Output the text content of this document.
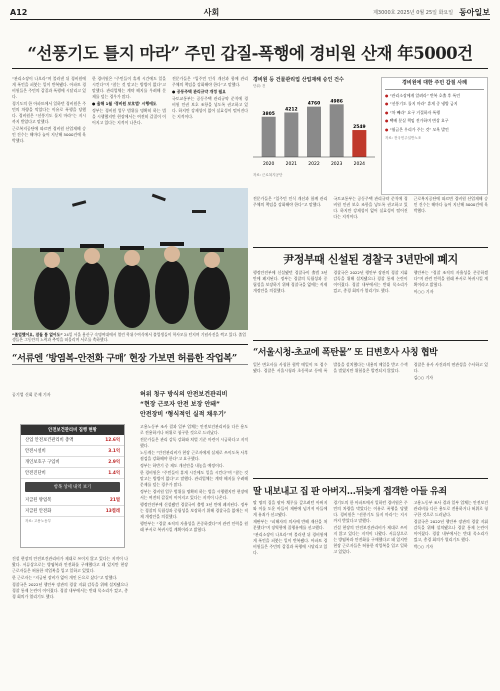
A12	사회	제3000호 2025년 0월 25일 화요일 동아일보
“선풍기도 틀지 마라” 주민 갑질-폭행에 경비원 산재 年5000건

“관리소장이 나오라”며 불러낸 뒤 경비원에게 폭언을 퍼붓는 일이 반복됐다. 아파트 경비원들은 주민의 갑질과 폭행에 시달리고 있다.

경기도의 한 아파트에서 일하던 경비원은 주민의 차량을 막았다는 이유로 폭행을 당했다. 경비원은 “선풍기도 틀지 마라”는 지시까지 받았다고 말했다.

근로복지공단에 따르면 경비원 산업재해 승인 건수는 해마다 늘어 지난해 5000건에 육박했다.

한 경비원은 “주민들이 휴게 시간에도 일을 시킨다”며 “참는 것 말고는 방법이 없다”고 말했다. 관리업체는 계약 해지를 우려해 문제를 덮는 경우가 많다.

● 올해 1월 ‘경비원 보호법’ 시행에도

정부는 경비원 업무 범위를 명확히 하는 법을 시행했지만 현장에서는 여전히 갑질이 이어지고 있다는 지적이 나온다.

전문가들은 “입주민 인식 개선과 함께 관리 주체의 책임을 강화해야 한다”고 말했다.

● 공동주택 관리규약 개정 필요

국토교통부는 공동주택 관리규약 준칙에 경비원 인권 보호 조항을 넣도록 권고하고 있다. 하지만 강제성이 없어 실효성이 떨어진다는 지적이다.

경비원 등 건물관리업 산업재해 승인 건수
단위: 건
3805
2020
4212
2021
4760
2022
4986
2023
2549
2024
자료: 근로복지공단
경비원에 대한 주민 갑질 사례
● “관리소장에게 알려라” 반복 호출 후 폭언
● “선풍기도 틀지 마라” 휴게 중 냉방 금지
● “차 빼라” 요구 거절하자 폭행
● 택배 분실 책임 전가하며 변상 요구
● “월급은 우리가 주는 것” 모욕 발언
자료: 전국민주일반노조

전문가들은 “입주민 인식 개선과 함께 관리 주체의 책임을 강화해야 한다”고 말했다.

국토교통부는 공동주택 관리규약 준칙에 경비원 인권 보호 조항을 넣도록 권고하고 있다. 하지만 강제성이 없어 실효성이 떨어진다는 지적이다.

근로복지공단에 따르면 경비원 산업재해 승인 건수는 해마다 늘어 지난해 5000건에 육박했다.

“졸업했어요, 잠들 틈 없어도” 24일 서울 용산구 숙명여대에서 열린 학위수여식에서 졸업생들이 학사모를 던지며 기념사진을 찍고 있다. 졸업생들은 그동안의 노력과 추억을 떠올리며 서로를 축하했다.
尹정부때 신설된 경찰국 3년만에 폐지

행정안전부에 신설됐던 경찰국이 출범 3년 만에 폐지된다. 정부는 경찰의 독립성과 중립성을 보장하기 위해 경찰국을 없애는 직제 개정안을 의결했다.

경찰국은 2022년 행안부 장관의 경찰 지휘 감독을 위해 설치됐으나 경찰 통제 논란이 이어졌다. 경찰 내부에서는 반대 목소리가 컸고, 총경 회의가 열리기도 했다.

행안부는 “경찰 조직의 자율성을 존중하겠다”며 관련 인력을 원래 부서로 복귀시킬 계획이라고 밝혔다.

이○○ 기자

“서울시청-초교에 폭탄물” 또 日변호사 사칭 협박

일본 변호사를 사칭한 협박 메일이 또 접수됐다. 경찰은 서울시청과 초등학교 등에 폭발물을 설치했다는 내용의 메일을 받고 수색을 벌였지만 위험물은 발견되지 않았다.

경찰은 유사 사건과의 연관성을 수사하고 있다.

김○○ 기자

“서류엔 ‘방염복-안전화 구매’ 현장 가보면 허름한 작업복”
공기업 신회 문제 기자	허위 청구 방식의 안전보건관리비
“현장 근로자 안전 보장 안돼”
안전장비 ‘형식적인 실적 채우기’
안전보건관리비 집행 현황
산업 안전보건관리비 총액	12.6억
안전시설비	3.1억
개인보호구 구입비	2.9억
안전진단비	1.4억
항목 상세 내역 보기
지급된 방염복	21벌
지급된 안전화	13켤레
자료: 고용노동부

건설 현장의 안전보건관리비가 제대로 쓰이지 않고 있다는 지적이 나왔다. 서류상으로는 방염복과 안전화를 구매했다고 돼 있지만 현장 근로자들은 허름한 작업복을 입고 일하고 있었다.

한 근로자는 “지급된 장비가 없어 개인 돈으로 샀다”고 말했다.

경찰국은 2022년 행안부 장관의 경찰 지휘 감독을 위해 설치됐으나 경찰 통제 논란이 이어졌다. 경찰 내부에서는 반대 목소리가 컸고, 총경 회의가 열리기도 했다.

고용노동부 조사 결과 일부 업체는 안전보건관리비를 다른 용도로 전용하거나 허위로 청구한 것으로 드러났다.

전문가들은 관리 감독 강화와 처벌 기준 마련이 시급하다고 지적했다.

노동계는 “안전관리비가 현장 근로자에게 실제로 쓰이도록 사후 점검을 강화해야 한다”고 요구했다.

정부는 하반기 중 제도 개선안을 내놓을 예정이다.

한 경비원은 “주민들이 휴게 시간에도 일을 시킨다”며 “참는 것 말고는 방법이 없다”고 말했다. 관리업체는 계약 해지를 우려해 문제를 덮는 경우가 많다.

정부는 경비원 업무 범위를 명확히 하는 법을 시행했지만 현장에서는 여전히 갑질이 이어지고 있다는 지적이 나온다.

행정안전부에 신설됐던 경찰국이 출범 3년 만에 폐지된다. 정부는 경찰의 독립성과 중립성을 보장하기 위해 경찰국을 없애는 직제 개정안을 의결했다.

행안부는 “경찰 조직의 자율성을 존중하겠다”며 관련 인력을 원래 부서로 복귀시킬 계획이라고 밝혔다.

딸 내보내고 집 판 아버지…뒤늦게 접객한 아들 유죄

딸 명의 집을 팔아 채무를 갚으려던 아버지와 이를 도운 아들이 재판에 넘겨져 아들에게 유죄가 선고됐다.

재판부는 “피해자의 의사에 반해 재산을 처분했다”며 징역형에 집행유예를 선고했다.

“관리소장이 나오라”며 불러낸 뒤 경비원에게 폭언을 퍼붓는 일이 반복됐다. 아파트 경비원들은 주민의 갑질과 폭행에 시달리고 있다.

경기도의 한 아파트에서 일하던 경비원은 주민의 차량을 막았다는 이유로 폭행을 당했다. 경비원은 “선풍기도 틀지 마라”는 지시까지 받았다고 말했다.

건설 현장의 안전보건관리비가 제대로 쓰이지 않고 있다는 지적이 나왔다. 서류상으로는 방염복과 안전화를 구매했다고 돼 있지만 현장 근로자들은 허름한 작업복을 입고 일하고 있었다.

고용노동부 조사 결과 일부 업체는 안전보건관리비를 다른 용도로 전용하거나 허위로 청구한 것으로 드러났다.

경찰국은 2022년 행안부 장관의 경찰 지휘 감독을 위해 설치됐으나 경찰 통제 논란이 이어졌다. 경찰 내부에서는 반대 목소리가 컸고, 총경 회의가 열리기도 했다.

박○○ 기자
